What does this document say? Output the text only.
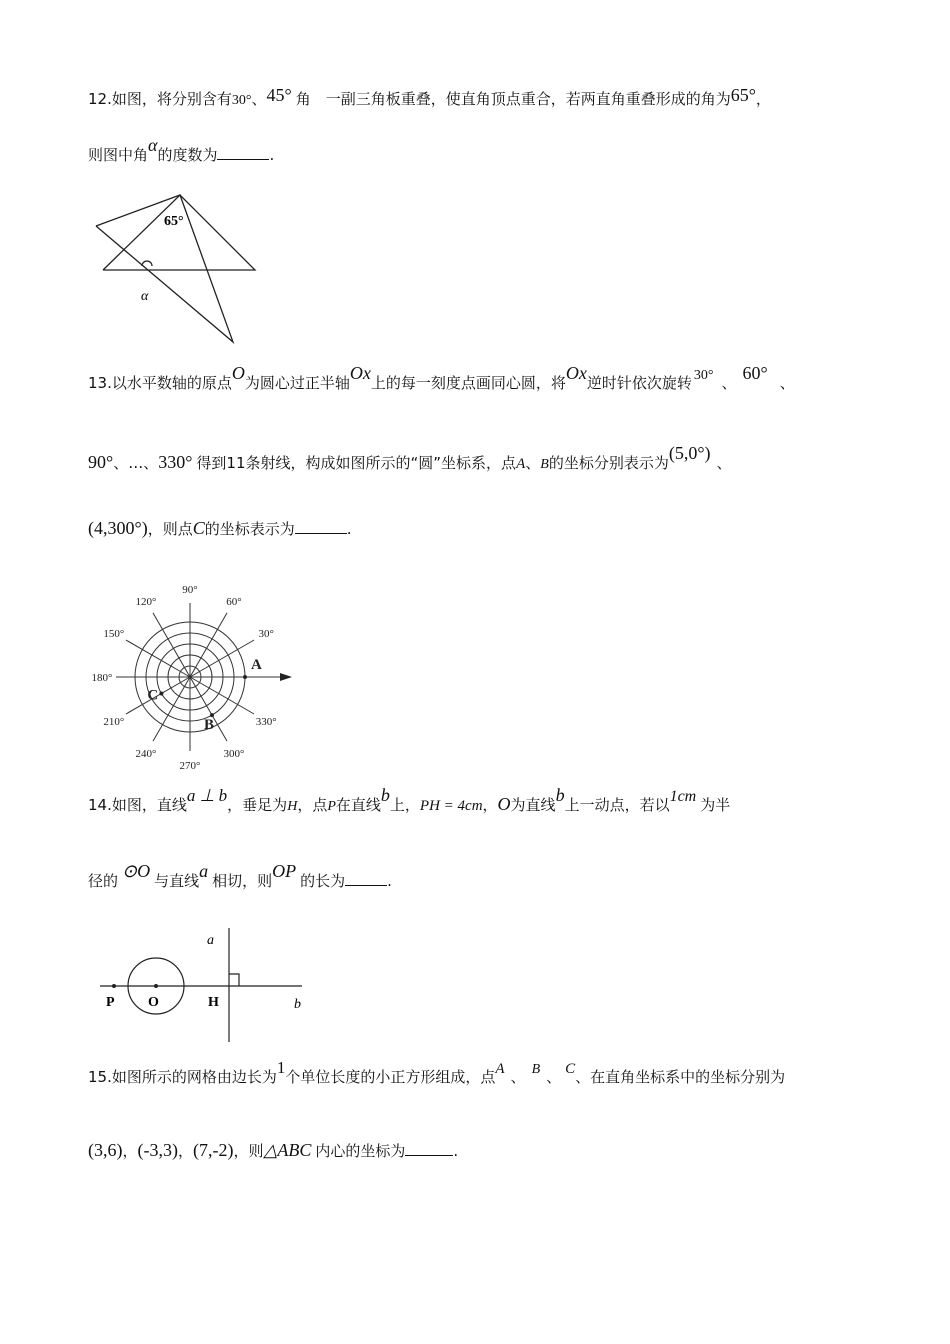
12.如图，将分别含有30°、45° 角　一副三角板重叠，使直角顶点重合，若两直角重叠形成的角为65°，
则图中角α的度数为	.
65°
α
13.以水平数轴的原点O为圆心过正半轴Ox上的每一刻度点画同心圆，将Ox逆时针依次旋转 30° 、 60° 、
90°、…、330° 得到11条射线，构成如图所示的“圆”坐标系，点A、B的坐标分别表示为(5,0°) 、
(4,300°)，则点C的坐标表示为	.
30°
60°
90°
120°
150°
180°
210°
240°
270°
300°
330°
A
B
C
14.如图，直线a ⊥ b，垂足为H，点P在直线b上，PH = 4cm，O为直线b上一动点，若以1cm 为半
径的 ⊙O 与直线a 相切，则OP 的长为	.
a
b
P O	H
15.如图所示的网格由边长为1个单位长度的小正方形组成，点A 、 B 、 C、在直角坐标系中的坐标分别为
(3,6)，(-3,3)，(7,-2)，则△ABC 内心的坐标为	.
